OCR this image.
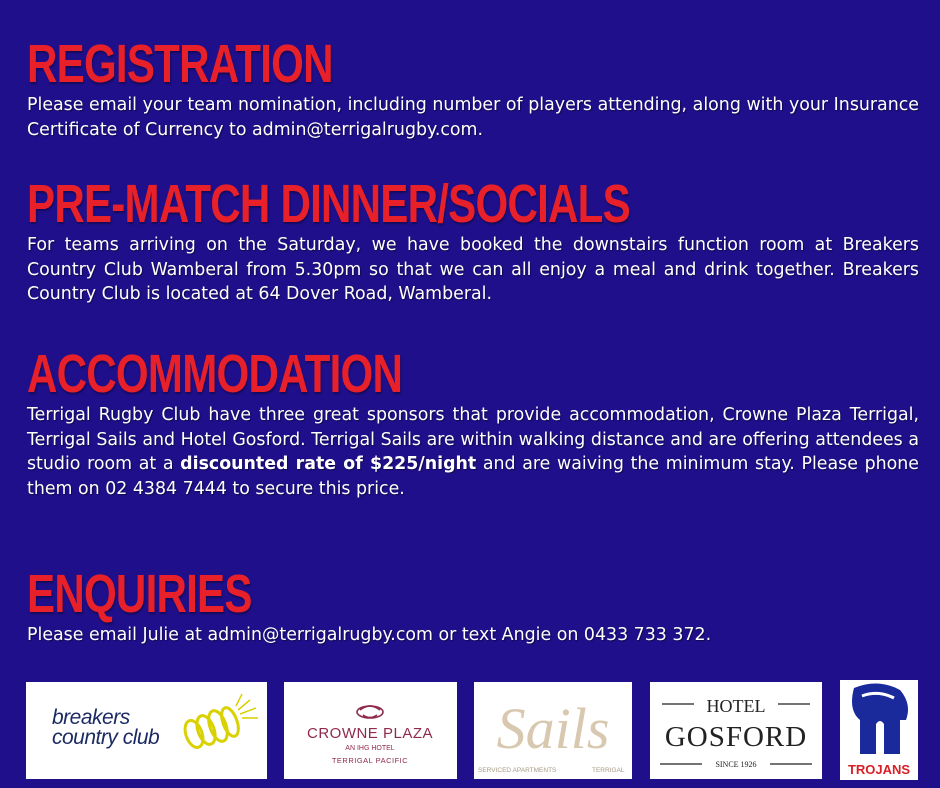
REGISTRATION
Please email your team nomination, including number of players attending, along with your Insurance Certificate of Currency to admin@terrigalrugby.com.
PRE-MATCH DINNER/SOCIALS
For teams arriving on the Saturday, we have booked the downstairs function room at Breakers Country Club Wamberal from 5.30pm so that we can all enjoy a meal and drink together. Breakers Country Club is located at 64 Dover Road, Wamberal.
ACCOMMODATION
Terrigal Rugby Club have three great sponsors that provide accommodation, Crowne Plaza Terrigal, Terrigal Sails and Hotel Gosford. Terrigal Sails are within walking distance and are offering attendees a studio room at a discounted rate of $225/night and are waiving the minimum stay. Please phone them on 02 4384 7444 to secure this price.
ENQUIRIES
Please email Julie at admin@terrigalrugby.com or text Angie on 0433 733 372.
breakers
country club	CROWNE PLAZA
AN IHG HOTEL
TERRIGAL PACIFIC Sails
SERVICED APARTMENTS	TERRIGAL
HOTEL
GOSFORD
SINCE 1926	TROJANS
